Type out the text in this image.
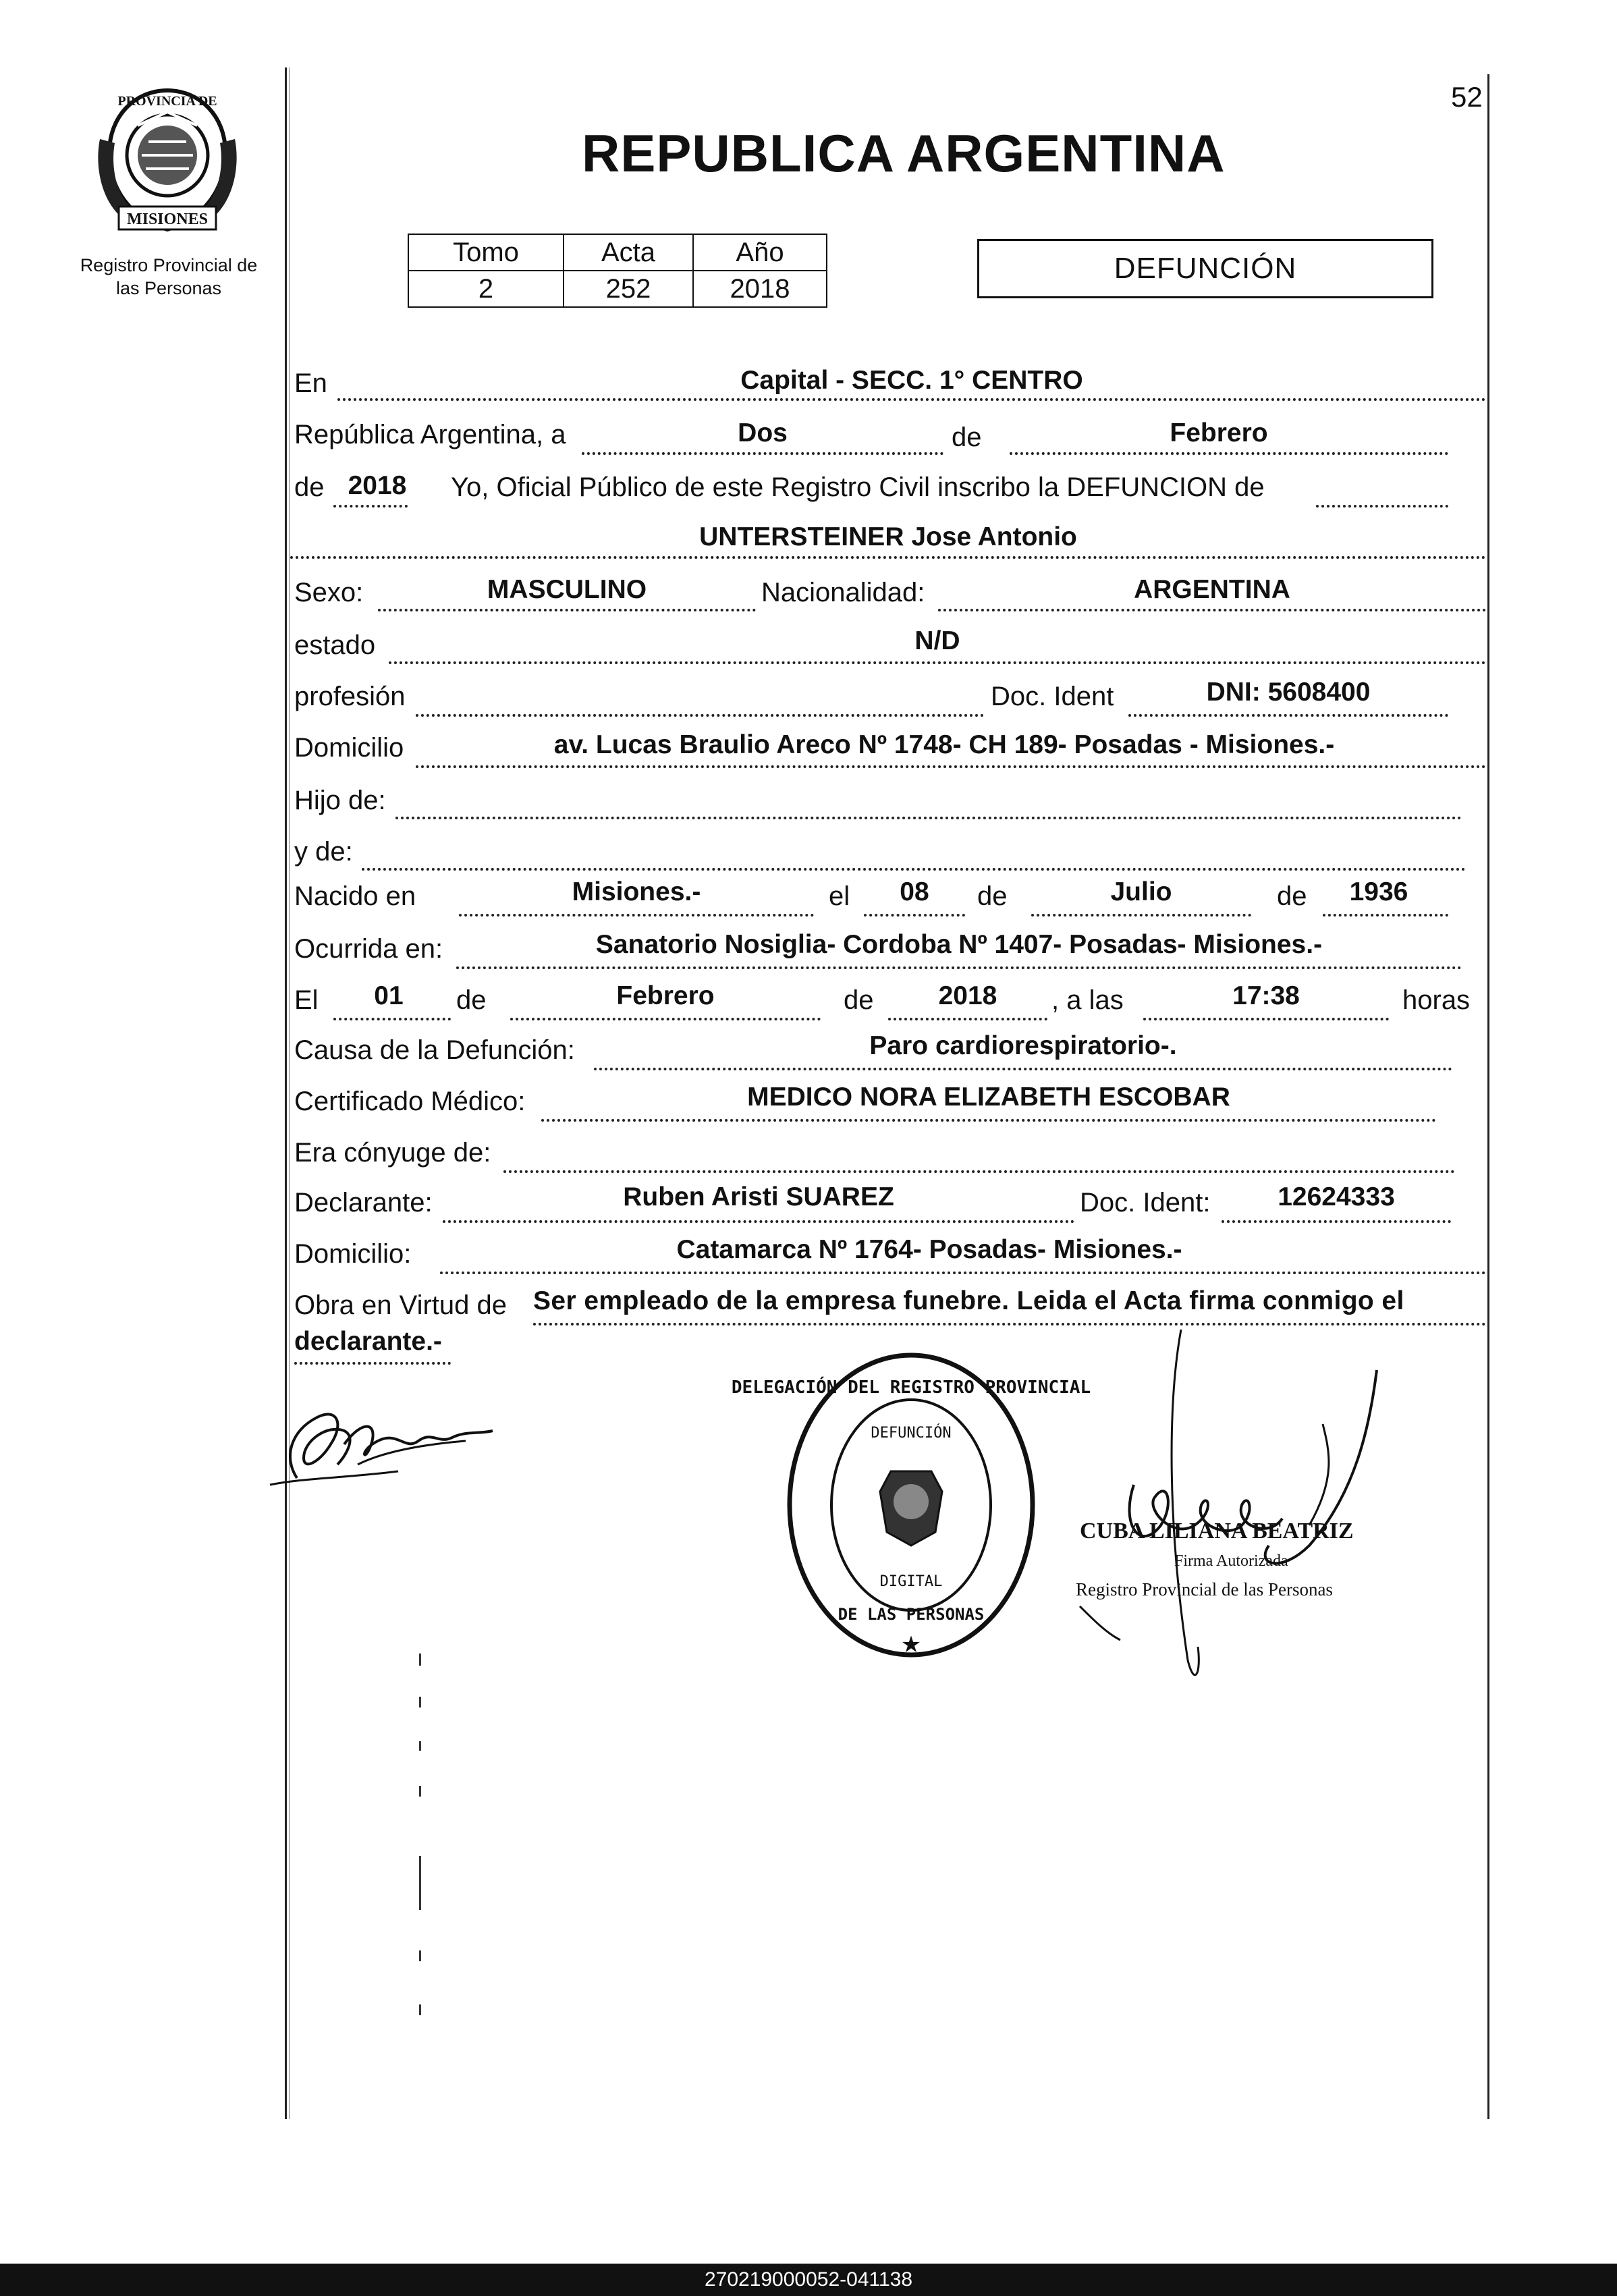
52
REPUBLICA ARGENTINA
PROVINCIA DE
MISIONES
Registro Provincial de
las Personas
Tomo	Acta	Año
2	252	2018
DEFUNCIÓN
En	Capital - SECC. 1° CENTRO
República Argentina, a	Dos	de	Febrero
de 2018	Yo, Oficial Público de este Registro Civil inscribo la DEFUNCION de
UNTERSTEINER Jose Antonio
Sexo:	MASCULINO	Nacionalidad:	ARGENTINA
estado	N/D
profesión	Doc. Ident	DNI: 5608400
Domicilio	av. Lucas Braulio Areco Nº 1748- CH 189- Posadas - Misiones.-
Hijo de:
y de:
Nacido en	Misiones.-	el	08	de	Julio	de	1936
Ocurrida en:	Sanatorio Nosiglia- Cordoba Nº 1407- Posadas- Misiones.-
El	01	de	Febrero	de	2018	, a las	17:38	horas
Causa de la Defunción:	Paro cardiorespiratorio-.
Certificado Médico:	MEDICO NORA ELIZABETH ESCOBAR
Era cónyuge de:
Declarante:	Ruben Aristi SUAREZ	Doc. Ident:	12624333
Domicilio:	Catamarca Nº 1764- Posadas- Misiones.-
Obra en Virtud de Ser empleado de la empresa funebre. Leida el Acta firma conmigo el
declarante.-
★
DELEGACIÓN DEL REGISTRO PROVINCIAL
DE LAS PERSONAS
DEFUNCIÓN
DIGITAL
CUBA LILIANA BEATRIZ
Firma Autorizada
Registro Provincial de las Personas
270219000052-041138
